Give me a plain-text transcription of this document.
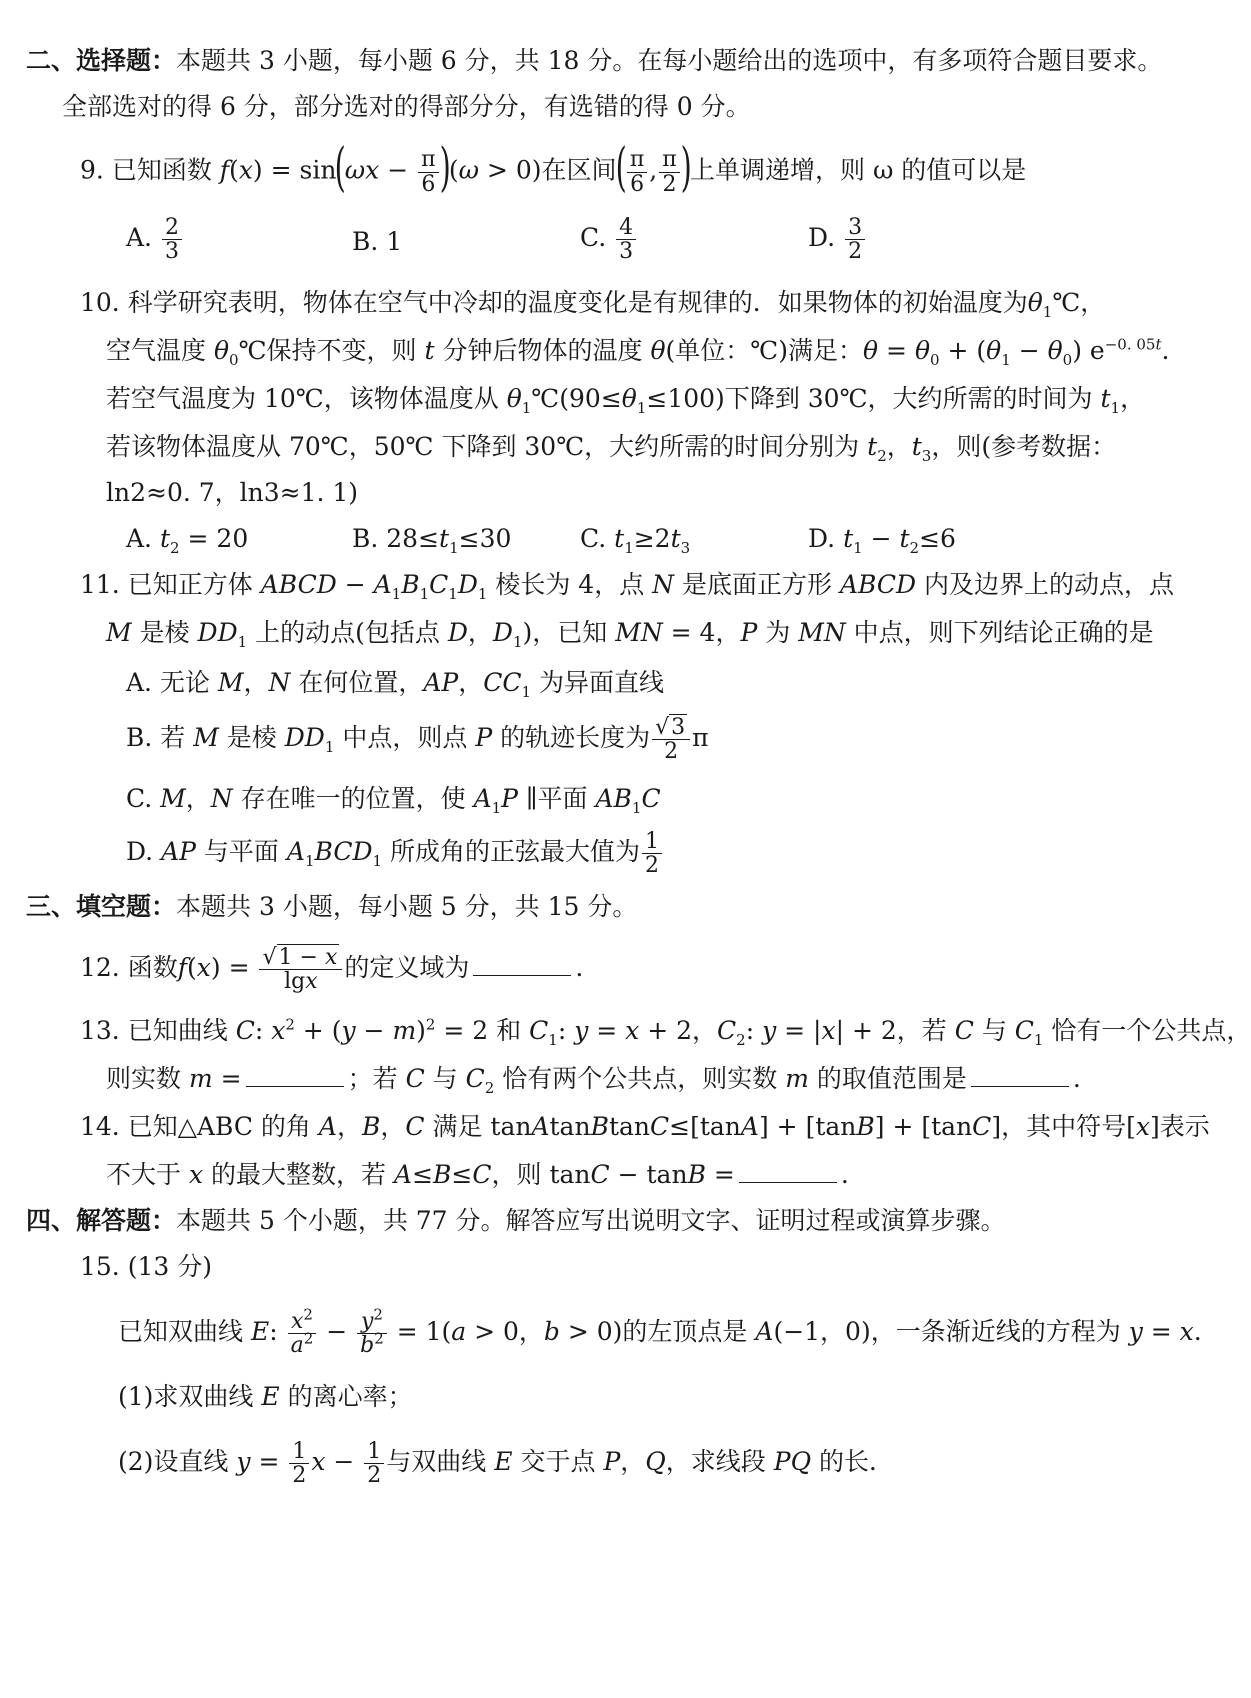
二、选择题：本题共 3 小题，每小题 6 分，共 18 分。在每小题给出的选项中，有多项符合题目要求。
全部选对的得 6 分，部分选对的得部分分，有选错的得 0 分。
9. 已知函数 $f(x) = \sin(\omega x - \frac{\pi}{6} )(\omega > 0)$在区间( $\frac{\pi}{6}$ , $\frac{\pi}{2}$ )上单调递增，则 ω 的值可以是
A. $\frac{2}{3}$	B. 1	C. $\frac{4}{3}$	D. $\frac{3}{2}$
10. 科学研究表明，物体在空气中冷却的温度变化是有规律的．如果物体的初始温度为$\theta_1℃$，
空气温度 $\theta_0℃$保持不变，则 t 分钟后物体的温度 θ(单位：℃)满足：$\theta = \theta_0 + (\theta_1 - \theta_0)$ $e^{-0. 05t}$.
若空气温度为 10℃，该物体温度从 $\theta_1℃(90\le\theta_1\le 100)$下降到 30℃，大约所需的时间为 $t_1$，
若该物体温度从 70℃，50℃ 下降到 30℃，大约所需的时间分别为 $t_2$，$t_3$，则(参考数据：
ln2≈0. 7，ln3≈1. 1)
A. $t_2 = 20$	B. $28\le t_1\le 30$	C. $t_1\ge 2t_3$	D. $t_1 - t_2\le 6$
11. 已知正方体 ABCD − $A_1B_1C_1D_1$ 棱长为 4，点 N 是底面正方形 ABCD 内及边界上的动点，点
M 是棱 $DD_1$ 上的动点(包括点 D，$D_1$)，已知 MN = 4，P 为 MN 中点，则下列结论正确的是
A. 无论 M，N 在何位置，AP，$CC_1$ 为异面直线
B. 若 M 是棱 $DD_1$ 中点，则点 P 的轨迹长度为 $\frac{√3}{2}$ π
C. M，N 存在唯一的位置，使 $A_1P$ ∥平面 $AB_1C$
D. AP 与平面 $A_1BCD_1$ 所成角的正弦最大值为 $\frac{1}{2}$
三、填空题：本题共 3 小题，每小题 5 分，共 15 分。
12. 函数$f(x) = \frac{√1 - x}{\lg x}$ 的定义域为	.
13. 已知曲线 C: $x^2 + (y - m)^2 = 2$ 和 $C_1$: y = x + 2，$C_2$: y = |x| + 2，若 C 与 $C_1$ 恰有一个公共点，
则实数 m =	；若 C 与 $C_2$ 恰有两个公共点，则实数 m 的取值范围是	.
14. 已知△ABC 的角 A，B，C 满足 tanAtanBtanC≤[tanA] + [tanB] + [tanC]，其中符号[x]表示
不大于 x 的最大整数，若 A≤B≤C，则 tanC − tanB =	.
四、解答题：本题共 5 个小题，共 77 分。解答应写出说明文字、证明过程或演算步骤。
15. (13 分)
已知双曲线 E: $\frac{x^2}{a^2} - \frac{y^2}{b^2} = 1(a > 0$，b > 0)的左顶点是 A(−1，0)，一条渐近线的方程为 y = x.
(1)求双曲线 E 的离心率；
(2)设直线 $y = \frac{1}{2}$ $x - \frac{1}{2}$ 与双曲线 E 交于点 P，Q，求线段 PQ 的长．
